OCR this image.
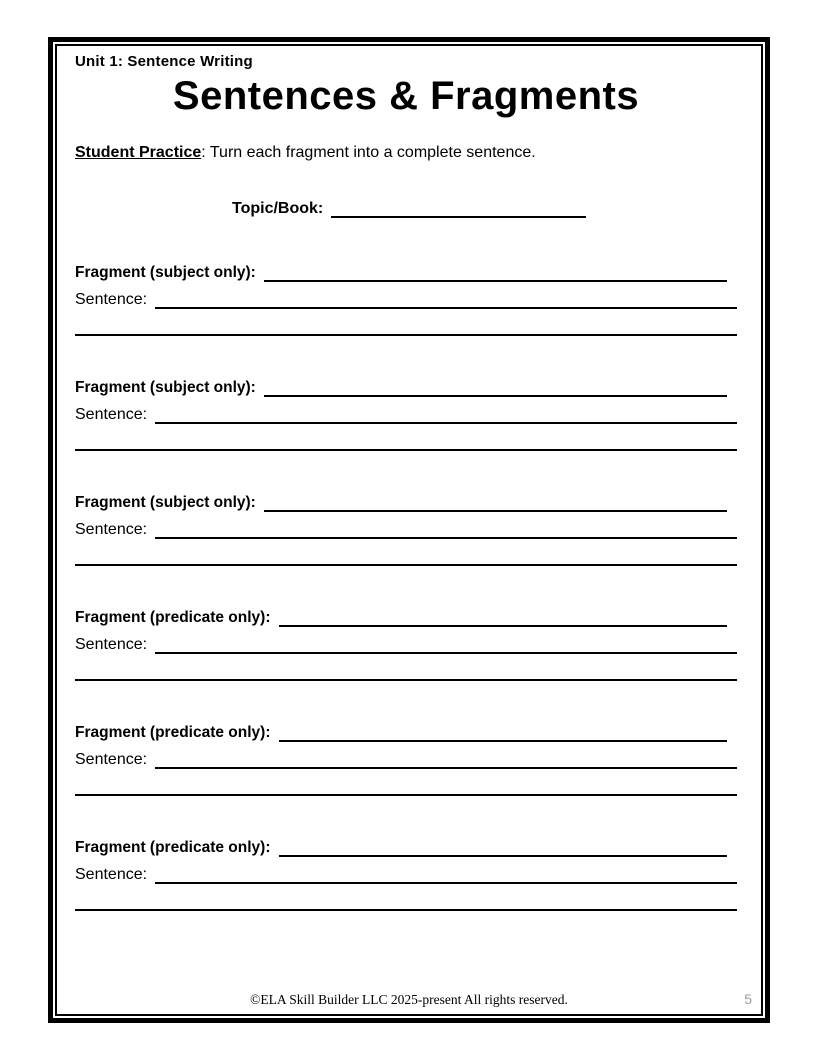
Unit 1: Sentence Writing
Sentences & Fragments
Student Practice: Turn each fragment into a complete sentence.
Topic/Book:
Fragment (subject only):
Sentence:
Fragment (subject only):
Sentence:
Fragment (subject only):
Sentence:
Fragment (predicate only):
Sentence:
Fragment (predicate only):
Sentence:
Fragment (predicate only):
Sentence:
©ELA Skill Builder LLC 2025-present All rights reserved.	5
